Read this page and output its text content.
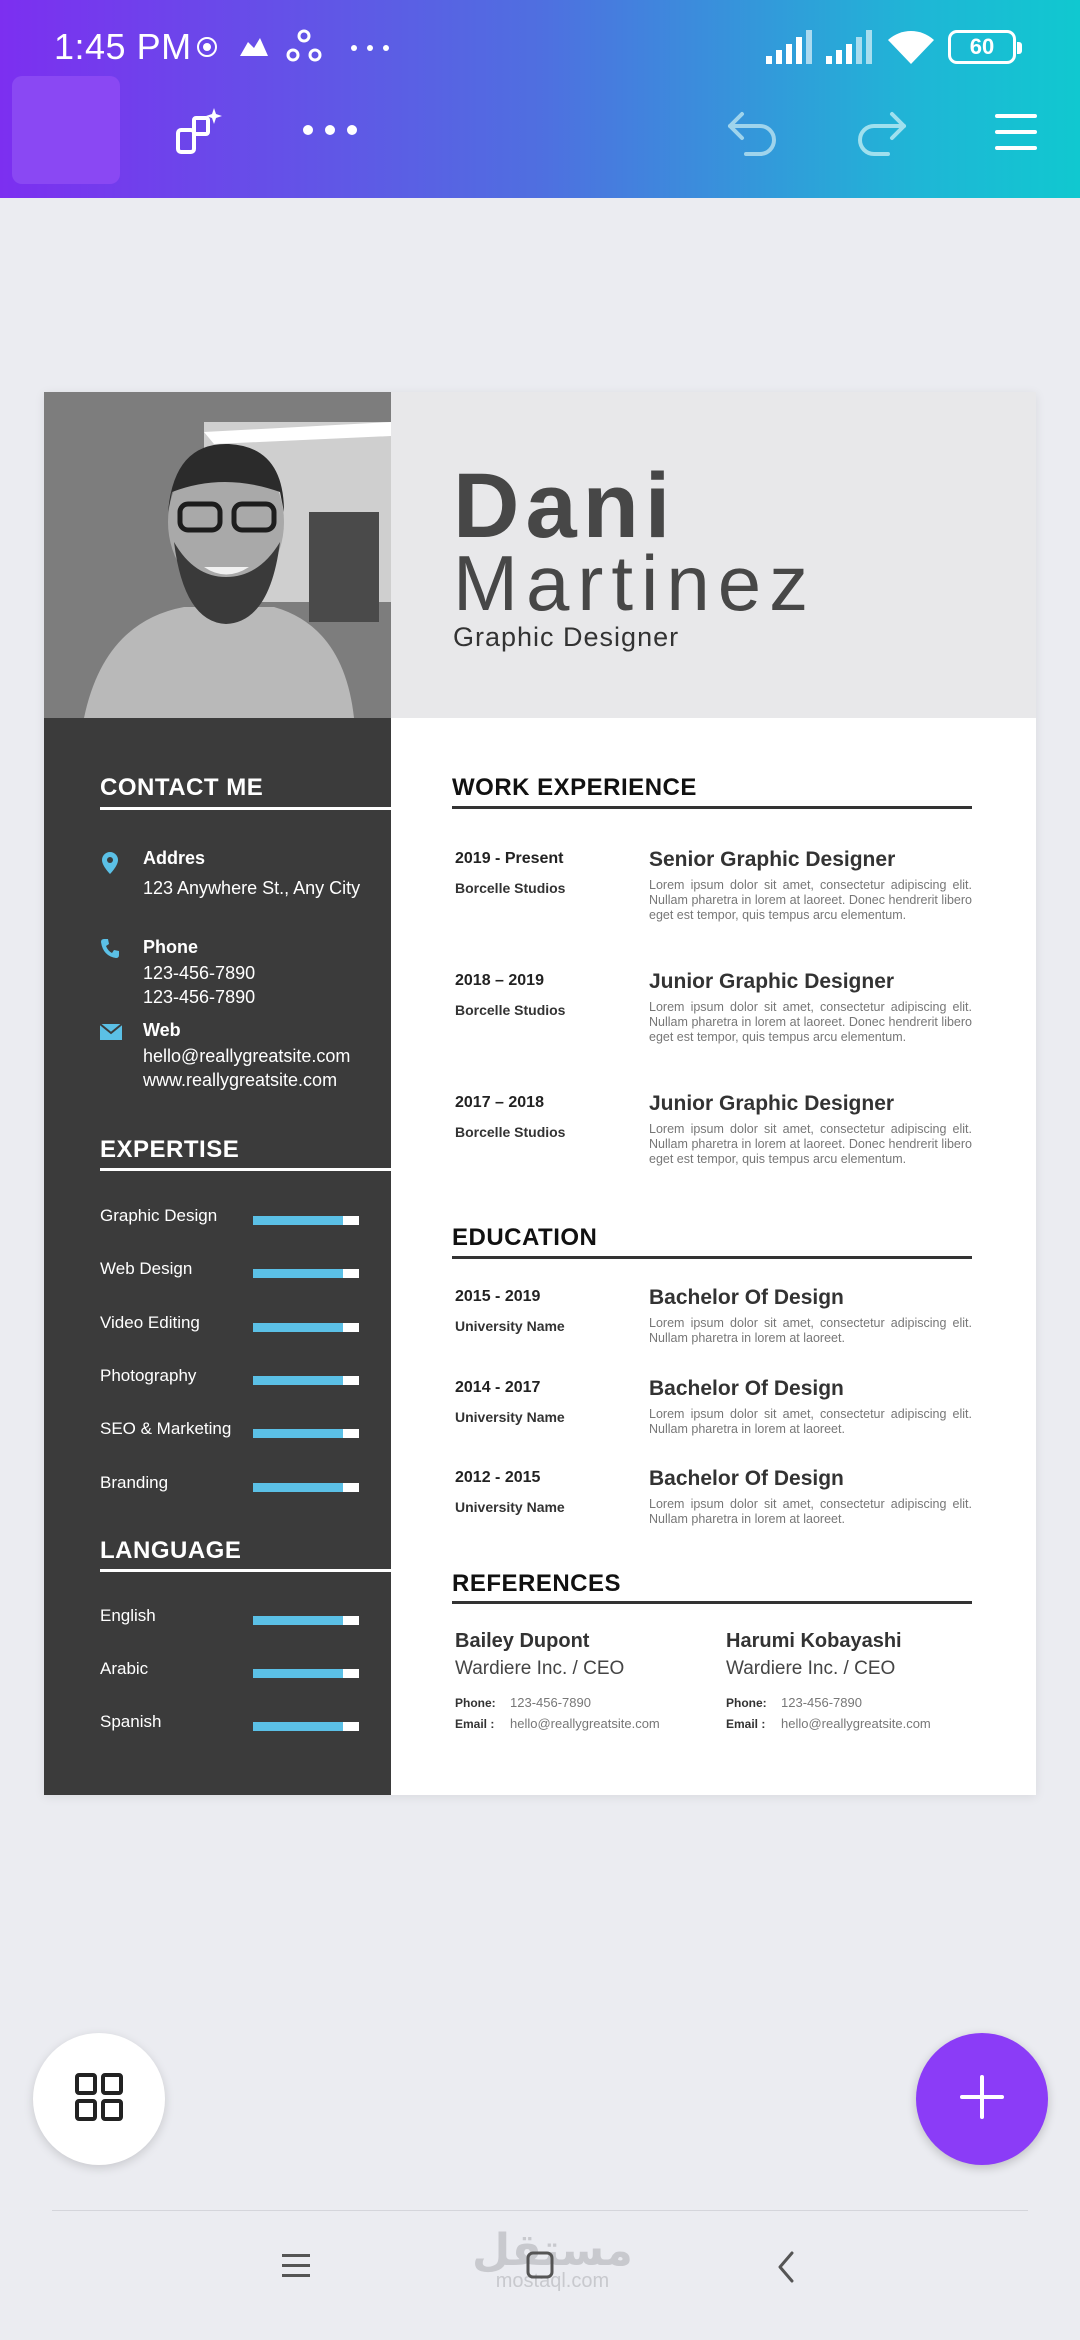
1:45 PM	60
CONTACT ME
Addres
123 Anywhere St., Any City
Phone
123-456-7890
123-456-7890
Web
hello@reallygreatsite.com
www.reallygreatsite.com
EXPERTISE
Graphic Design
Web Design
Video Editing
Photography
SEO & Marketing
Branding
LANGUAGE
English
Arabic
Spanish
Dani
Martinez
Graphic Designer
WORK EXPERIENCE
2019 - Present
Borcelle Studios
Senior Graphic Designer
Lorem ipsum dolor sit amet, consectetur adipiscing elit. Nullam pharetra in lorem at laoreet. Donec hendrerit libero eget est tempor, quis tempus arcu elementum.
2018 – 2019
Borcelle Studios
Junior Graphic Designer
Lorem ipsum dolor sit amet, consectetur adipiscing elit. Nullam pharetra in lorem at laoreet. Donec hendrerit libero eget est tempor, quis tempus arcu elementum.
2017 – 2018
Borcelle Studios
Junior Graphic Designer
Lorem ipsum dolor sit amet, consectetur adipiscing elit. Nullam pharetra in lorem at laoreet. Donec hendrerit libero eget est tempor, quis tempus arcu elementum.
EDUCATION
2015 - 2019
University Name
Bachelor Of Design
Lorem ipsum dolor sit amet, consectetur adipiscing elit. Nullam pharetra in lorem at laoreet.
2014 - 2017
University Name
Bachelor Of Design
Lorem ipsum dolor sit amet, consectetur adipiscing elit. Nullam pharetra in lorem at laoreet.
2012 - 2015
University Name
Bachelor Of Design
Lorem ipsum dolor sit amet, consectetur adipiscing elit. Nullam pharetra in lorem at laoreet.
REFERENCES
Bailey Dupont
Wardiere Inc. / CEO
Phone: 123-456-7890
Email : hello@reallygreatsite.com
Harumi Kobayashi
Wardiere Inc. / CEO
Phone: 123-456-7890
Email : hello@reallygreatsite.com
مستقل
mostaql.com
